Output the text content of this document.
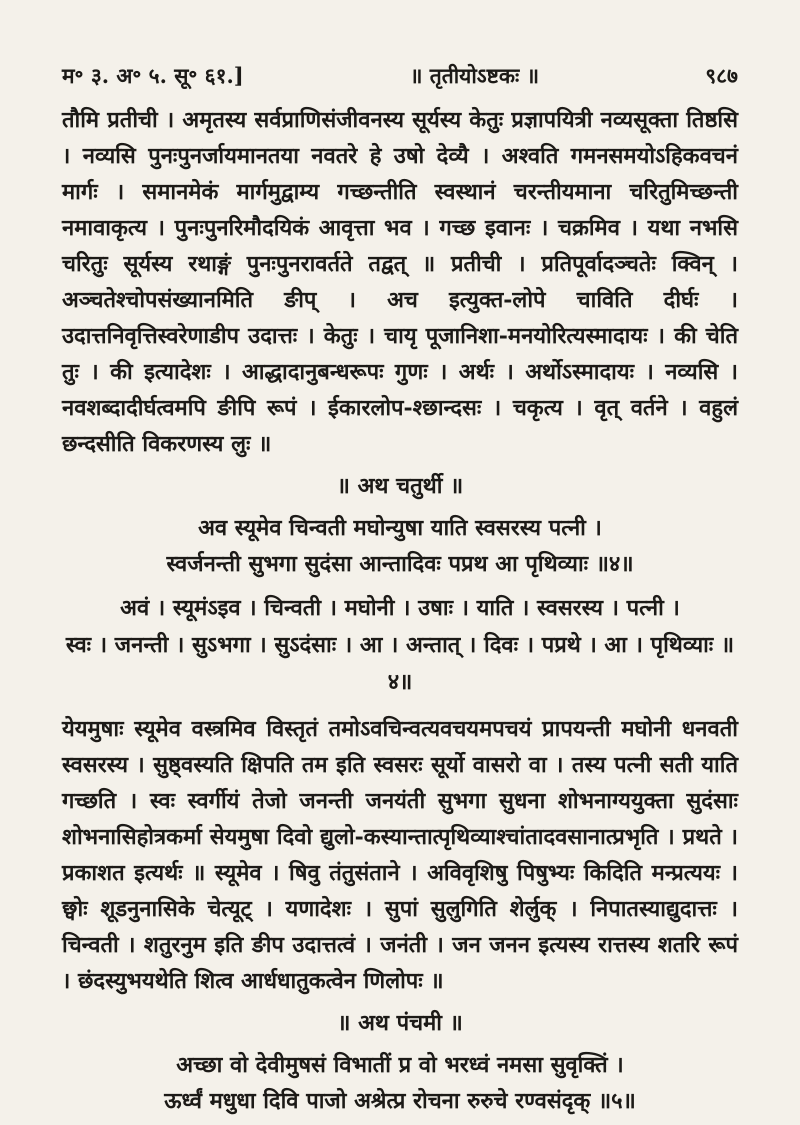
म॰ ३. अ॰ ५. सू॰ ६१.]	॥ तृतीयोऽष्टकः ॥	९८७

तौमि प्रतीची । अमृतस्य सर्वप्राणिसंजीवनस्य सूर्यस्य केतुः प्रज्ञापयित्री नव्यसूक्ता तिष्ठसि । नव्यसि पुनःपुनर्जायमानतया नवतरे हे उषो देव्यै । अश्वति गमनसमयोऽहिकवचनं मार्गः । समानमेकं मार्गमुद्वाम्य गच्छन्तीति स्वस्थानं चरन्तीयमाना चरितुमिच्छन्ती नमावाकृत्य । पुनःपुनरिमौदयिकं आवृत्ता भव । गच्छ इवानः । चक्रमिव । यथा नभसि चरितुः सूर्यस्य रथाङ्गं पुनःपुनरावर्तते तद्वत् ॥ प्रतीची । प्रतिपूर्वादञ्चतेः क्विन् । अञ्चतेश्चोपसंख्यानमिति ङीप् । अच इत्युक्त-लोपे चाविति दीर्घः । उदात्तनिवृत्तिस्वरेणाडीप उदात्तः । केतुः । चायृ पूजानिशा-मनयोरित्यस्मादायः । की चेति तुः । की इत्यादेशः । आद्धादानुबन्धरूपः गुणः । अर्थः । अर्थोऽस्मादायः । नव्यसि । नवशब्दादीर्घत्वमपि ङीपि रूपं । ईकारलोप-श्छान्दसः । चकृत्य । वृत् वर्तने । वहुलं छन्दसीति विकरणस्य लुः ॥

॥ अथ चतुर्थी ॥

अव स्यूमेव चिन्वती मघोन्युषा याति स्वसरस्य पत्नी ।

स्वर्जनन्ती सुभगा सुदंसा आन्तादिवः पप्रथ आ पृथिव्याः ॥४॥

अवं । स्यूमंऽइव । चिन्वती । मघोनी । उषाः । याति । स्वसरस्य । पत्नी ।

स्वः । जनन्ती । सुऽभगा । सुऽदंसाः । आ । अन्तात् । दिवः । पप्रथे । आ । पृथिव्याः ॥४॥

येयमुषाः स्यूमेव वस्त्रमिव विस्तृतं तमोऽवचिन्वत्यवचयमपचयं प्रापयन्ती मघोनी धनवती स्वसरस्य । सुष्ठ्वस्यति क्षिपति तम इति स्वसरः सूर्यो वासरो वा । तस्य पत्नी सती याति गच्छति । स्वः स्वर्गीयं तेजो जनन्ती जनयंती सुभगा सुधना शोभनाग्ययुक्ता सुदंसाः शोभनासिहोत्रकर्मा सेयमुषा दिवो द्युलो-कस्यान्तात्पृथिव्याश्चांतादवसानात्प्रभृति । प्रथते । प्रकाशत इत्यर्थः ॥ स्यूमेव । षिवु तंतुसंताने । अविवृशिषु पिषुभ्यः किदिति मन्प्रत्ययः । छ्वोः शूडनुनासिके चेत्यूट् । यणादेशः । सुपां सुलुगिति शेर्लुक् । निपातस्याद्युदात्तः । चिन्वती । शतुरनुम इति ङीप उदात्तत्वं । जनंती । जन जनन इत्यस्य रात्तस्य शतरि रूपं । छंदस्युभयथेति शित्व आर्धधातुकत्वेन णिलोपः ॥

॥ अथ पंचमी ॥

अच्छा वो देवीमुषसं विभातीं प्र वो भरध्वं नमसा सुवृक्तिं ।

ऊर्ध्वं मधुधा दिवि पाजो अश्रेत्प्र रोचना रुरुचे रण्वसंदृक् ॥५॥
